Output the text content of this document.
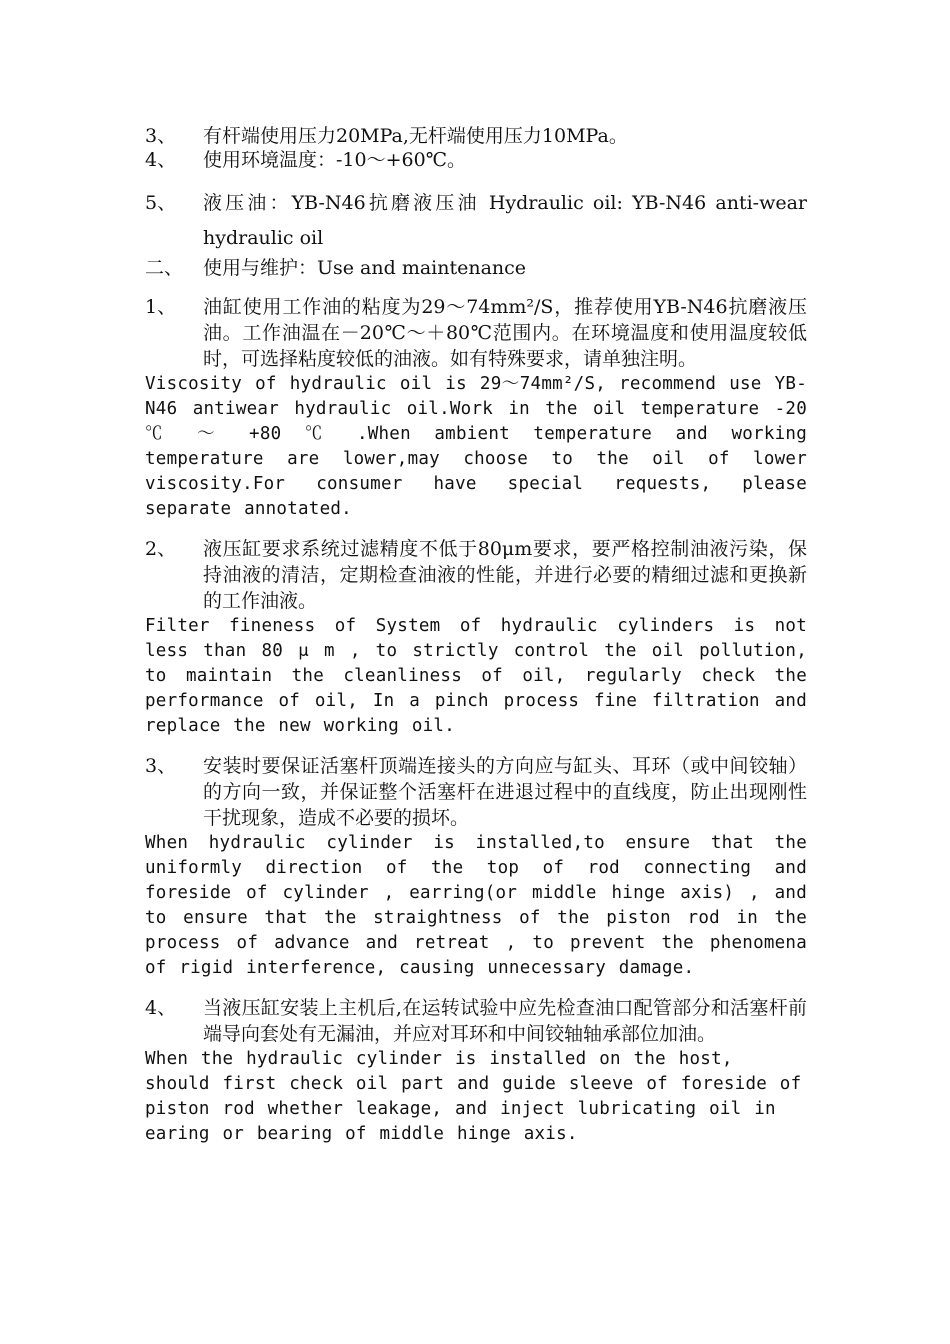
3、	有杆端使用压力20MPa,无杆端使用压力10MPa。
4、	使用环境温度：-10～+60℃。
5、	液压油：YB-N46抗磨液压油 Hydraulic oil: YB-N46 anti-wear hydraulic oil
二、	使用与维护：Use and maintenance
1、	油缸使用工作油的粘度为29～74mm²/S，推荐使用YB-N46抗磨液压油。工作油温在－20℃～＋80℃范围内。在环境温度和使用温度较低时，可选择粘度较低的油液。如有特殊要求，请单独注明。
Viscosity of hydraulic oil is 29～74mm²/S, recommend use YB-N46 antiwear hydraulic oil.Work in the oil temperature -20 ℃ ～ +80 ℃ .When ambient temperature and working temperature are lower,may choose to the oil of lower viscosity.For consumer have special requests, please separate annotated.
2、	液压缸要求系统过滤精度不低于80μm要求，要严格控制油液污染，保持油液的清洁，定期检查油液的性能，并进行必要的精细过滤和更换新的工作油液。
Filter fineness of System of hydraulic cylinders is not less than 80 μ m , to strictly control the oil pollution, to maintain the cleanliness of oil, regularly check the performance of oil, In a pinch process fine filtration and replace the new working oil.
3、	安装时要保证活塞杆顶端连接头的方向应与缸头、耳环（或中间铰轴）的方向一致，并保证整个活塞杆在进退过程中的直线度，防止出现刚性干扰现象，造成不必要的损坏。
When hydraulic cylinder is installed,to ensure that the uniformly direction of the top of rod connecting and foreside of cylinder , earring(or middle hinge axis) , and to ensure that the straightness of the piston rod in the process of advance and retreat , to prevent the phenomena of rigid interference, causing unnecessary damage.
4、	当液压缸安装上主机后,在运转试验中应先检查油口配管部分和活塞杆前端导向套处有无漏油，并应对耳环和中间铰轴轴承部位加油。
When the hydraulic cylinder is installed on the host, should first check oil part and guide sleeve of foreside of piston rod whether leakage, and inject lubricating oil in earing or bearing of middle hinge axis.
